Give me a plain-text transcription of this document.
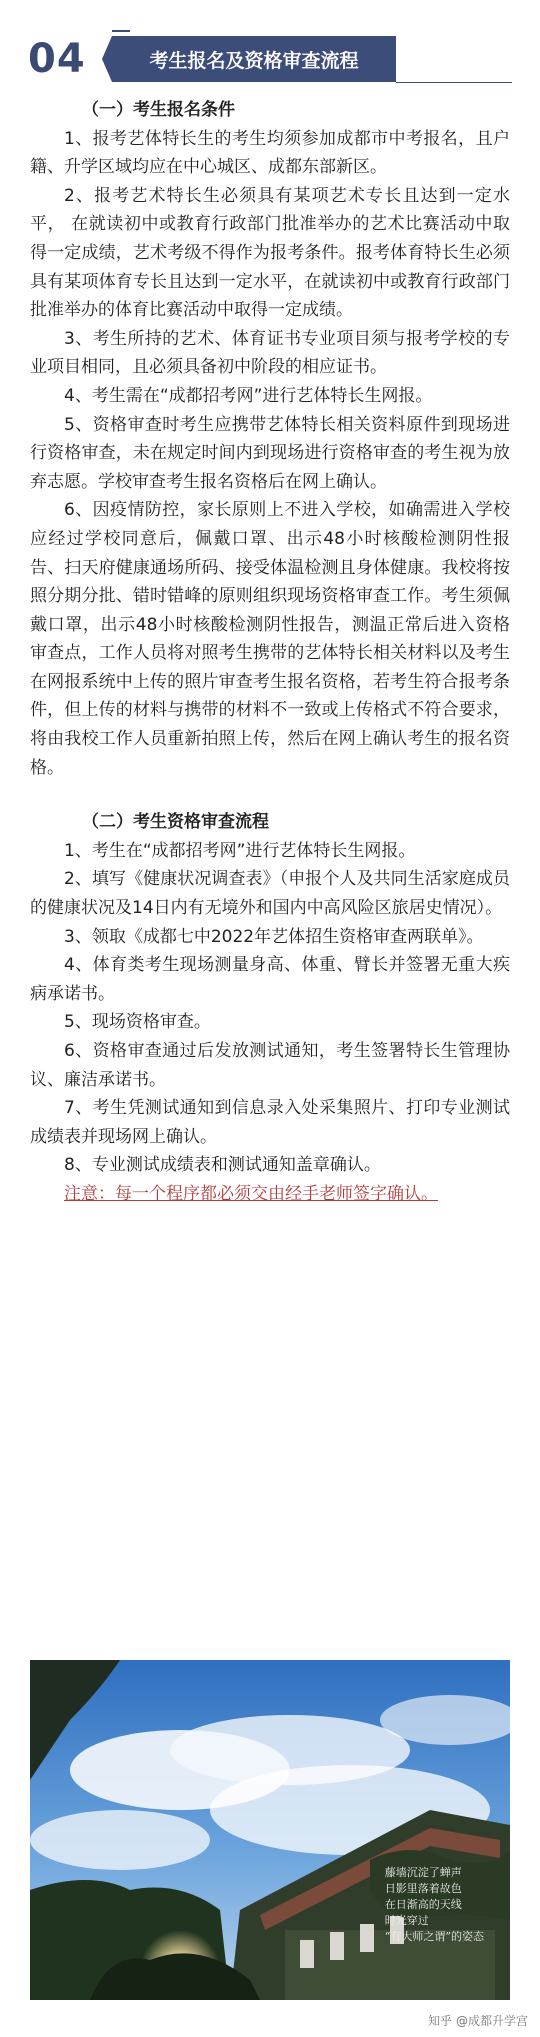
04	考生报名及资格审查流程

（一）考生报名条件

1、报考艺体特长生的考生均须参加成都市中考报名，且户籍、升学区域均应在中心城区、成都东部新区。

2、报考艺术特长生必须具有某项艺术专长且达到一定水平， 在就读初中或教育行政部门批准举办的艺术比赛活动中取得一定成绩，艺术考级不得作为报考条件。报考体育特长生必须具有某项体育专长且达到一定水平，在就读初中或教育行政部门批准举办的体育比赛活动中取得一定成绩。

3、考生所持的艺术、体育证书专业项目须与报考学校的专业项目相同，且必须具备初中阶段的相应证书。

4、考生需在“成都招考网”进行艺体特长生网报。

5、资格审查时考生应携带艺体特长相关资料原件到现场进行资格审查，未在规定时间内到现场进行资格审查的考生视为放弃志愿。学校审查考生报名资格后在网上确认。

6、因疫情防控，家长原则上不进入学校，如确需进入学校应经过学校同意后，佩戴口罩、出示48小时核酸检测阴性报告、扫天府健康通场所码、接受体温检测且身体健康。我校将按照分期分批、错时错峰的原则组织现场资格审查工作。考生须佩戴口罩，出示48小时核酸检测阴性报告，测温正常后进入资格审查点，工作人员将对照考生携带的艺体特长相关材料以及考生在网报系统中上传的照片审查考生报名资格，若考生符合报考条件，但上传的材料与携带的材料不一致或上传格式不符合要求，将由我校工作人员重新拍照上传，然后在网上确认考生的报名资格。

（二）考生资格审查流程

1、考生在“成都招考网”进行艺体特长生网报。

2、填写《健康状况调查表》（申报个人及共同生活家庭成员的健康状况及14日内有无境外和国内中高风险区旅居史情况）。

3、领取《成都七中2022年艺体招生资格审查两联单》。

4、体育类考生现场测量身高、体重、臂长并签署无重大疾病承诺书。

5、现场资格审查。

6、资格审查通过后发放测试通知，考生签署特长生管理协议、廉洁承诺书。

7、考生凭测试通知到信息录入处采集照片、打印专业测试成绩表并现场网上确认。

8、专业测试成绩表和测试通知盖章确认。

注意：每一个程序都必须交由经手老师签字确认。

藤墙沉淀了蝉声
日影里落着故色
在日渐高的天线
时光穿过
“有大师之谓”的姿态
知乎 @成都升学宫
